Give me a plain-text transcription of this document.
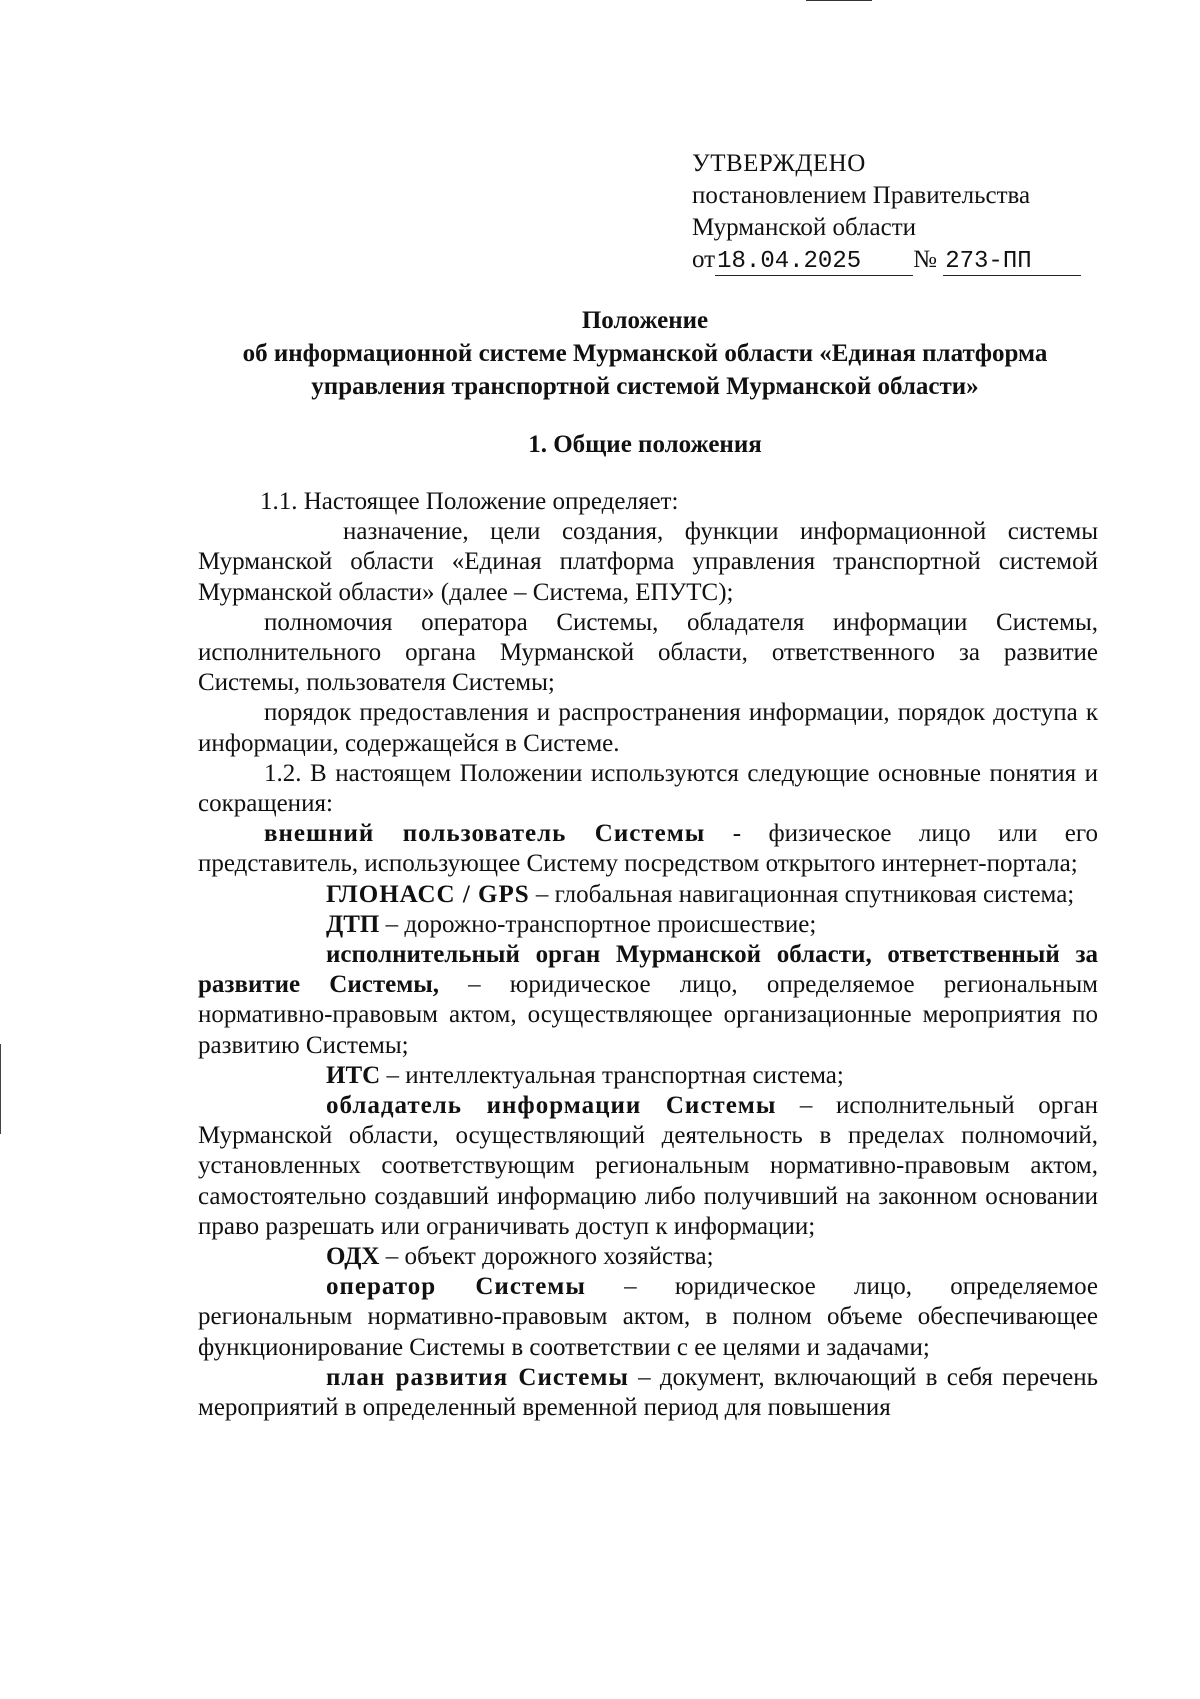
УТВЕРЖДЕНО
постановлением Правительства
Мурманской области
от18.04.2025 № 273-ПП
Положение
об информационной системе Мурманской области «Единая платформа
управления транспортной системой Мурманской области»
1. Общие положения

1.1. Настоящее Положение определяет:

назначение, цели создания, функции информационной системы Мурманской области «Единая платформа управления транспортной системой Мурманской области» (далее – Система, ЕПУТС);

полномочия оператора Системы, обладателя информации Системы, исполнительного органа Мурманской области, ответственного за развитие Системы, пользователя Системы;

порядок предоставления и распространения информации, порядок доступа к информации, содержащейся в Системе.

1.2. В настоящем Положении используются следующие основные понятия и сокращения:

внешний пользователь Системы - физическое лицо или его представитель, использующее Систему посредством открытого интернет-портала;

ГЛОНАСС / GPS – глобальная навигационная спутниковая система;

ДТП – дорожно-транспортное происшествие;

исполнительный орган Мурманской области, ответственный за развитие Системы, – юридическое лицо, определяемое региональным нормативно-правовым актом, осуществляющее организационные мероприятия по развитию Системы;

ИТС – интеллектуальная транспортная система;

обладатель информации Системы – исполнительный орган Мурманской области, осуществляющий деятельность в пределах полномочий, установленных соответствующим региональным нормативно-правовым актом, самостоятельно создавший информацию либо получивший на законном основании право разрешать или ограничивать доступ к информации;

ОДХ – объект дорожного хозяйства;

оператор Системы – юридическое лицо, определяемое региональным нормативно-правовым актом, в полном объеме обеспечивающее функционирование Системы в соответствии с ее целями и задачами;

план развития Системы – документ, включающий в себя перечень мероприятий в определенный временной период для повышения
